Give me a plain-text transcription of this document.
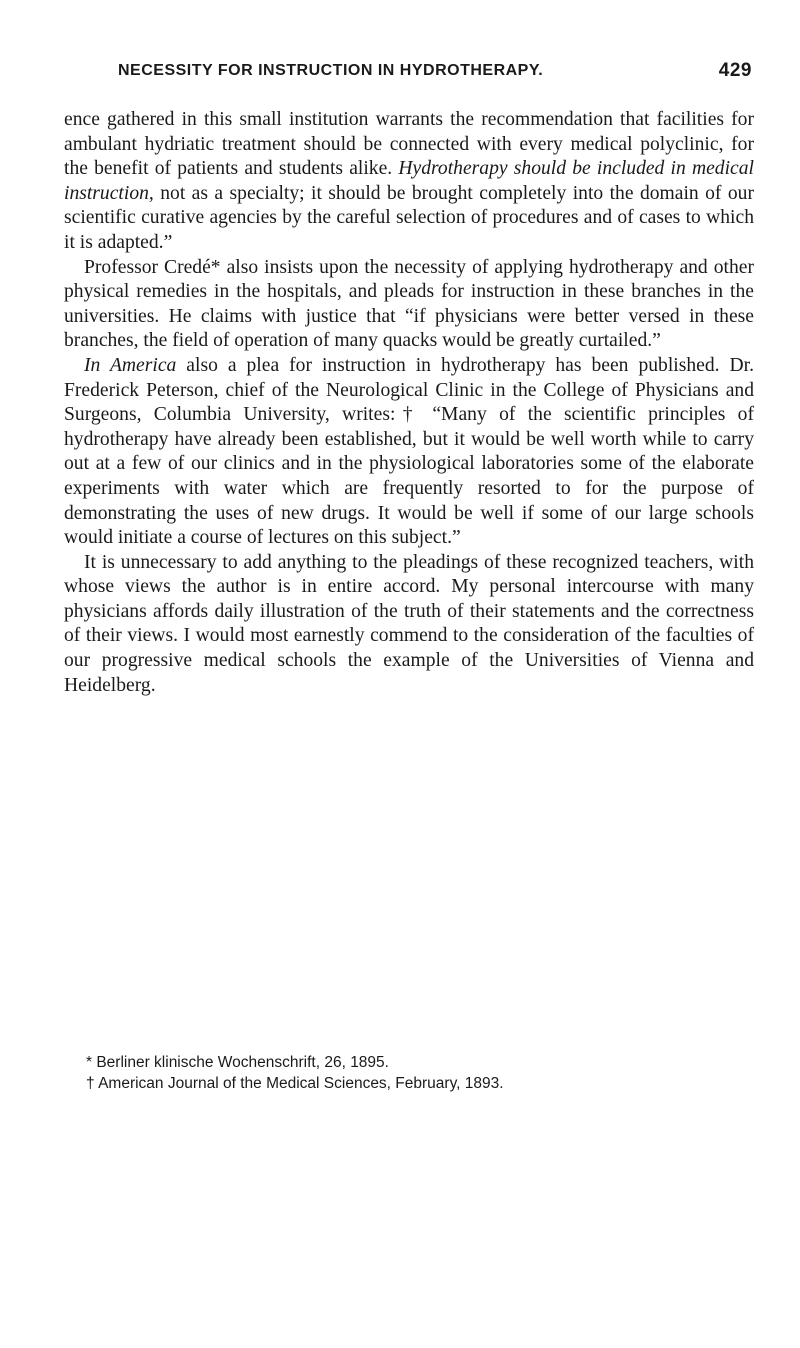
NECESSITY FOR INSTRUCTION IN HYDROTHERAPY.	429

ence gathered in this small institution warrants the recommendation that facilities for ambulant hydriatic treatment should be connected with every medical polyclinic, for the benefit of patients and students alike. Hydrotherapy should be included in medical instruction, not as a specialty; it should be brought completely into the domain of our scientific curative agencies by the careful selection of procedures and of cases to which it is adapted.”

Professor Credé* also insists upon the necessity of applying hydrotherapy and other physical remedies in the hospitals, and pleads for instruction in these branches in the universities. He claims with justice that “if physicians were better versed in these branches, the field of operation of many quacks would be greatly curtailed.”

In America also a plea for instruction in hydrotherapy has been published. Dr. Frederick Peterson, chief of the Neurological Clinic in the College of Physicians and Surgeons, Columbia University, writes:† “Many of the scientific principles of hydrotherapy have already been established, but it would be well worth while to carry out at a few of our clinics and in the physiological laboratories some of the elaborate experiments with water which are frequently resorted to for the purpose of demonstrating the uses of new drugs. It would be well if some of our large schools would initiate a course of lectures on this subject.”

It is unnecessary to add anything to the pleadings of these recognized teachers, with whose views the author is in entire accord. My personal intercourse with many physicians affords daily illustration of the truth of their statements and the correctness of their views. I would most earnestly commend to the consideration of the faculties of our progressive medical schools the example of the Universities of Vienna and Heidelberg.

* Berliner klinische Wochenschrift, 26, 1895.
† American Journal of the Medical Sciences, February, 1893.
